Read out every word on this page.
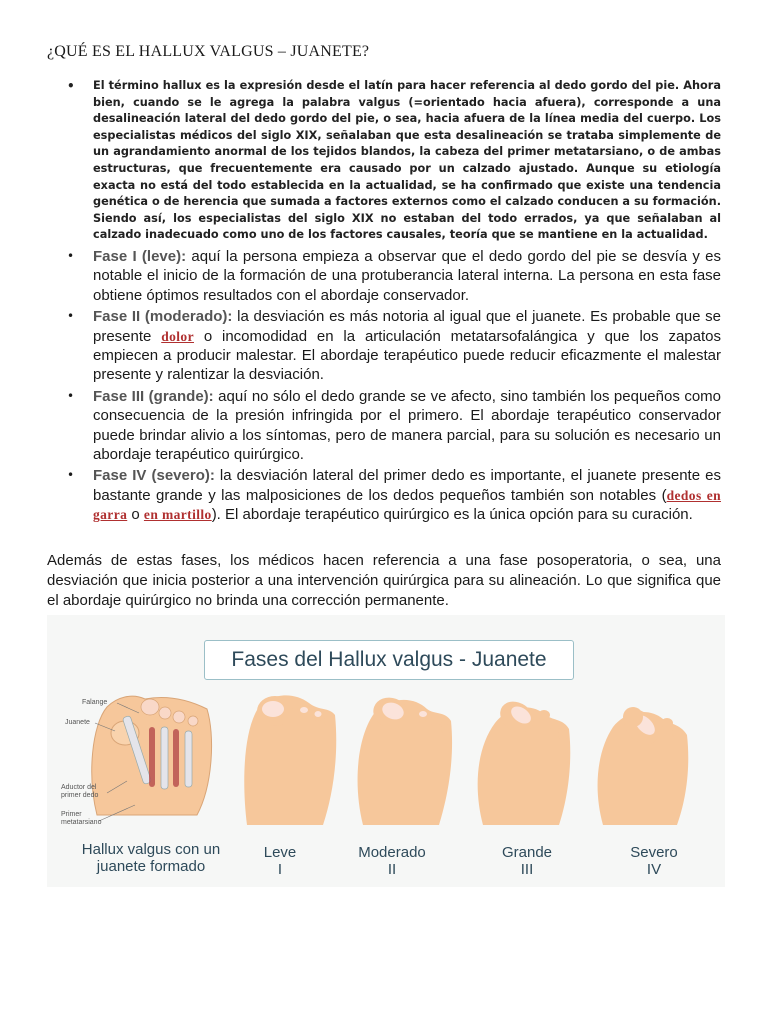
¿QUÉ ES EL HALLUX VALGUS – JUANETE?
• El término hallux es la expresión desde el latín para hacer referencia al dedo gordo del pie. Ahora bien, cuando se le agrega la palabra valgus (=orientado hacia afuera), corresponde a una desalineación lateral del dedo gordo del pie, o sea, hacia afuera de la línea media del cuerpo. Los especialistas médicos del siglo XIX, señalaban que esta desalineación se trataba simplemente de un agrandamiento anormal de los tejidos blandos, la cabeza del primer metatarsiano, o de ambas estructuras, que frecuentemente era causado por un calzado ajustado. Aunque su etiología exacta no está del todo establecida en la actualidad, se ha confirmado que existe una tendencia genética o de herencia que sumada a factores externos como el calzado conducen a su formación. Siendo así, los especialistas del siglo XIX no estaban del todo errados, ya que señalaban al calzado inadecuado como uno de los factores causales, teoría que se mantiene en la actualidad.
• Fase I (leve): aquí la persona empieza a observar que el dedo gordo del pie se desvía y es notable el inicio de la formación de una protuberancia lateral interna. La persona en esta fase obtiene óptimos resultados con el abordaje conservador.
• Fase II (moderado): la desviación es más notoria al igual que el juanete. Es probable que se presente dolor o incomodidad en la articulación metatarsofalángica y que los zapatos empiecen a producir malestar. El abordaje terapéutico puede reducir eficazmente el malestar presente y ralentizar la desviación.
• Fase III (grande): aquí no sólo el dedo grande se ve afecto, sino también los pequeños como consecuencia de la presión infringida por el primero. El abordaje terapéutico conservador puede brindar alivio a los síntomas, pero de manera parcial, para su solución es necesario un abordaje terapéutico quirúrgico.
• Fase IV (severo): la desviación lateral del primer dedo es importante, el juanete presente es bastante grande y las malposiciones de los dedos pequeños también son notables (dedos en garra o en martillo). El abordaje terapéutico quirúrgico es la única opción para su curación.

Además de estas fases, los médicos hacen referencia a una fase posoperatoria, o sea, una desviación que inicia posterior a una intervención quirúrgica para su alineación. Lo que significa que el abordaje quirúrgico no brinda una corrección permanente.

Fases del Hallux valgus - Juanete
Falange
Juanete
Aductor del primer dedo
Primer metatarsiano
Hallux valgus con un juanete formado
Leve
I
Moderado
II
Grande
III
Severo
IV
